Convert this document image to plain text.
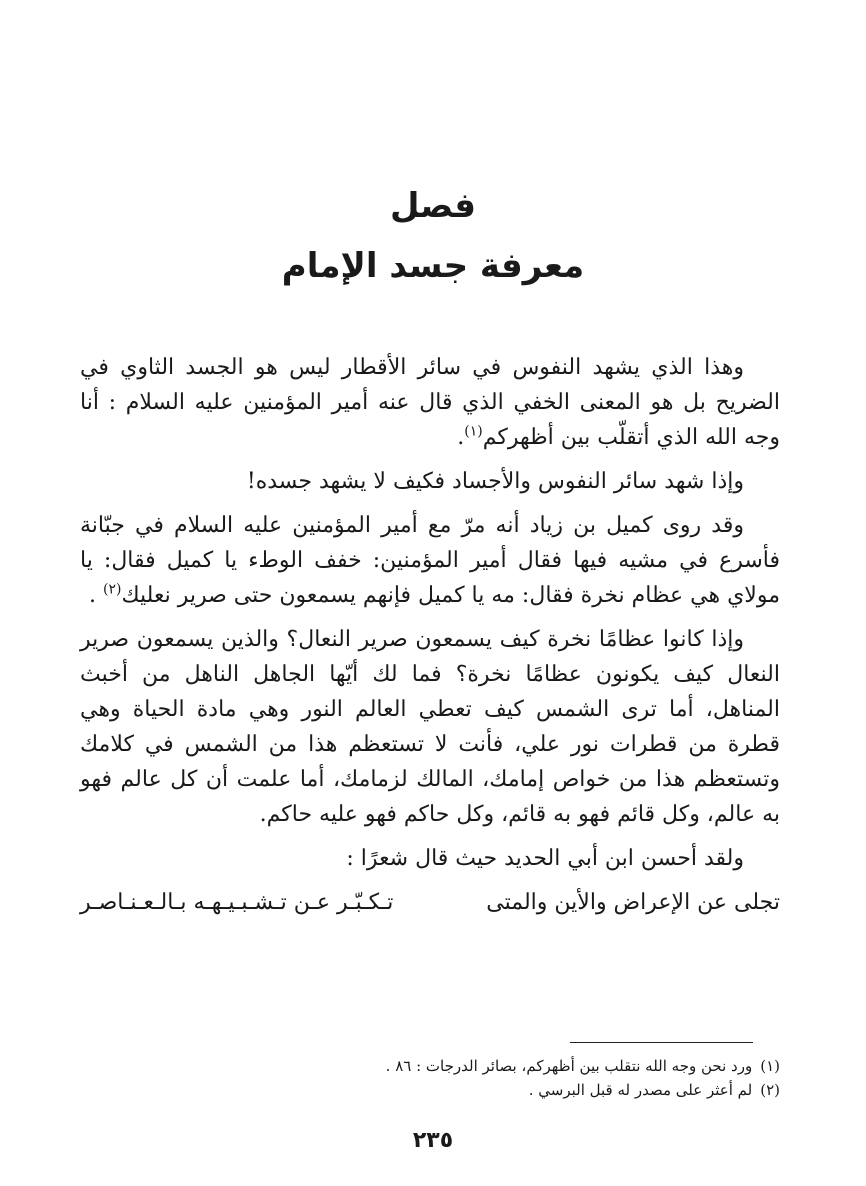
فصل
معرفة جسد الإمام

وهذا الذي يشهد النفوس في سائر الأقطار ليس هو الجسد الثاوي في الضريح بل هو المعنى الخفي الذي قال عنه أمير المؤمنين عليه السلام : أنا وجه الله الذي أتقلّب بين أظهركم$^{(١)}$.

وإذا شهد سائر النفوس والأجساد فكيف لا يشهد جسده!

وقد روى كميل بن زياد أنه مرّ مع أمير المؤمنين عليه السلام في جبّانة فأسرع في مشيه فيها فقال أمير المؤمنين: خفف الوطء يا كميل فقال: يا مولاي هي عظام نخرة فقال: مه يا كميل فإنهم يسمعون حتى صرير نعليك$^{(٢)}$ .

وإذا كانوا عظامًا نخرة كيف يسمعون صرير النعال؟ والذين يسمعون صرير النعال كيف يكونون عظامًا نخرة؟ فما لك أيّها الجاهل الناهل من أخبث المناهل، أما ترى الشمس كيف تعطي العالم النور وهي مادة الحياة وهي قطرة من قطرات نور علي، فأنت لا تستعظم هذا من الشمس في كلامك وتستعظم هذا من خواص إمامك، المالك لزمامك، أما علمت أن كل عالم فهو به عالم، وكل قائم فهو به قائم، وكل حاكم فهو عليه حاكم.

ولقد أحسن ابن أبي الحديد حيث قال شعرًا :

تجلى عن الإعراض والأين والمتى
تـكـبّـر عـن تـشـبـيـهـه بـالـعـنـاصـر

(١)ورد نحن وجه الله نتقلب بين أظهركم، بصائر الدرجات : ٨٦ .

(٢)لم أعثر على مصدر له قبل البرسي .

٢٣٥
